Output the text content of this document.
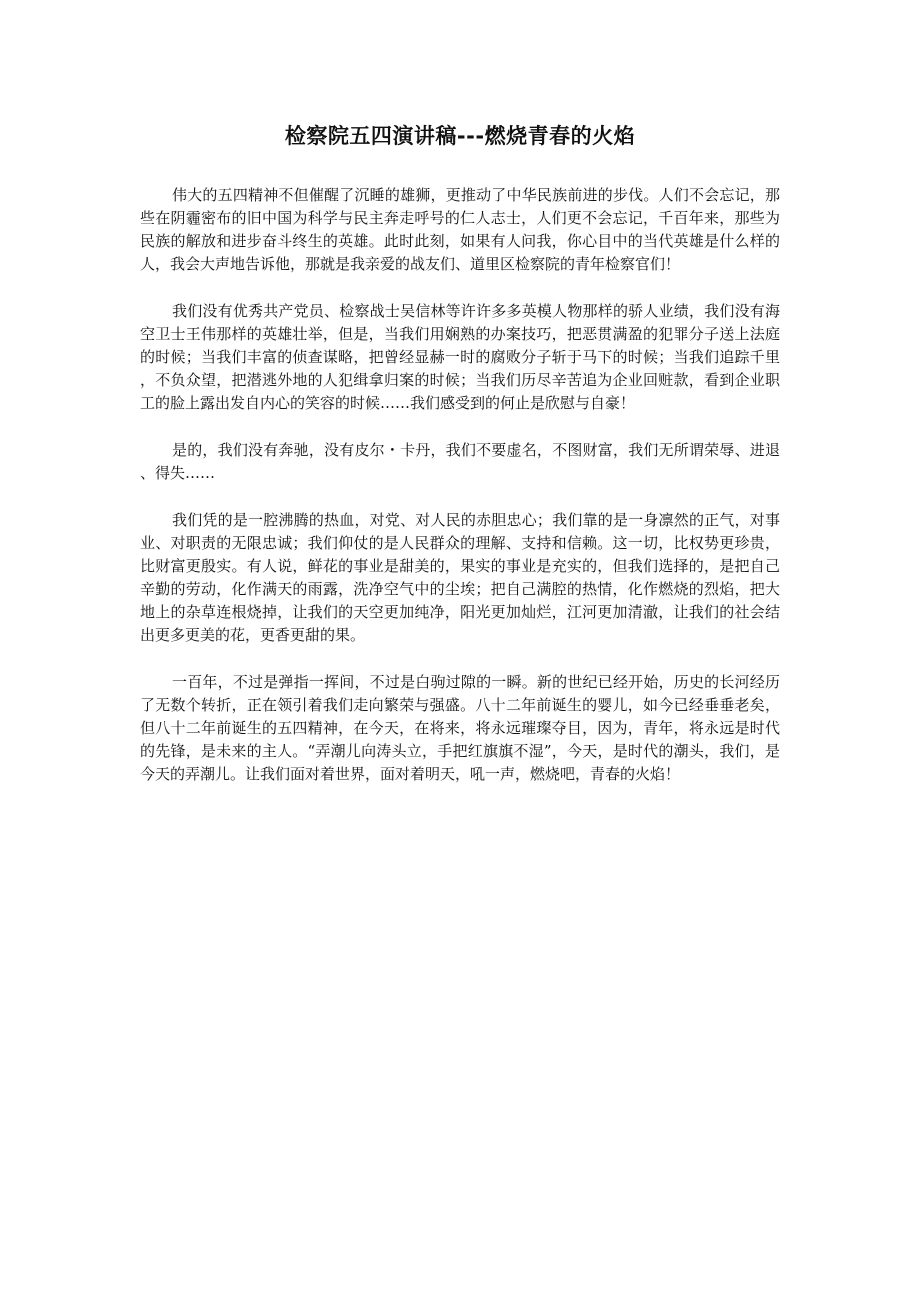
检察院五四演讲稿---燃烧青春的火焰

伟大的五四精神不但催醒了沉睡的雄狮，更推动了中华民族前进的步伐。人们不会忘记，那些在阴霾密布的旧中国为科学与民主奔走呼号的仁人志士，人们更不会忘记，千百年来，那些为民族的解放和进步奋斗终生的英雄。此时此刻，如果有人问我，你心目中的当代英雄是什么样的人，我会大声地告诉他，那就是我亲爱的战友们、道里区检察院的青年检察官们！

我们没有优秀共产党员、检察战士吴信林等许许多多英模人物那样的骄人业绩，我们没有海空卫士王伟那样的英雄壮举，但是，当我们用娴熟的办案技巧，把恶贯满盈的犯罪分子送上法庭的时候；当我们丰富的侦查谋略，把曾经显赫一时的腐败分子斩于马下的时候；当我们追踪千里，不负众望，把潜逃外地的人犯缉拿归案的时候；当我们历尽辛苦追为企业回赃款，看到企业职工的脸上露出发自内心的笑容的时候……我们感受到的何止是欣慰与自豪！

是的，我们没有奔驰，没有皮尔・卡丹，我们不要虚名，不图财富，我们无所谓荣辱、进退、得失……

我们凭的是一腔沸腾的热血，对党、对人民的赤胆忠心；我们靠的是一身凛然的正气，对事业、对职责的无限忠诚；我们仰仗的是人民群众的理解、支持和信赖。这一切，比权势更珍贵，比财富更殷实。有人说，鲜花的事业是甜美的，果实的事业是充实的，但我们选择的，是把自己辛勤的劳动，化作满天的雨露，洗净空气中的尘埃；把自己满腔的热情，化作燃烧的烈焰，把大地上的杂草连根烧掉，让我们的天空更加纯净，阳光更加灿烂，江河更加清澈，让我们的社会结出更多更美的花，更香更甜的果。

一百年，不过是弹指一挥间，不过是白驹过隙的一瞬。新的世纪已经开始，历史的长河经历了无数个转折，正在领引着我们走向繁荣与强盛。八十二年前诞生的婴儿，如今已经垂垂老矣，但八十二年前诞生的五四精神，在今天，在将来，将永远璀璨夺目，因为，青年，将永远是时代的先锋，是未来的主人。“弄潮儿向涛头立，手把红旗旗不湿”，今天，是时代的潮头，我们，是今天的弄潮儿。让我们面对着世界，面对着明天，吼一声，燃烧吧，青春的火焰！
